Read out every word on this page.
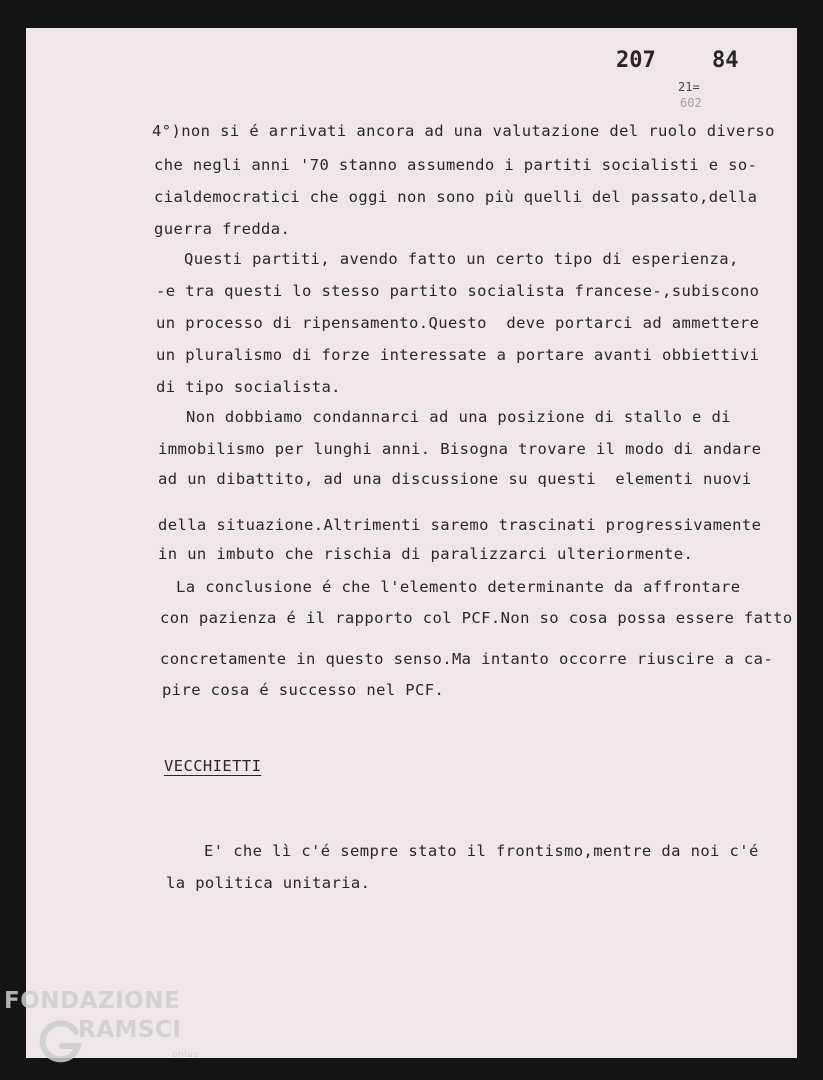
207	84
21=
602
4°)non si é arrivati ancora ad una valutazione del ruolo diverso
che negli anni '70 stanno assumendo i partiti socialisti e so-
cialdemocratici che oggi non sono più quelli del passato,della
guerra fredda.
Questi partiti, avendo fatto un certo tipo di esperienza,
-e tra questi lo stesso partito socialista francese-,subiscono
un processo di ripensamento.Questo  deve portarci ad ammettere
un pluralismo di forze interessate a portare avanti obbiettivi
di tipo socialista.
Non dobbiamo condannarci ad una posizione di stallo e di
immobilismo per lunghi anni. Bisogna trovare il modo di andare
ad un dibattito, ad una discussione su questi  elementi nuovi
della situazione.Altrimenti saremo trascinati progressivamente
in un imbuto che rischia di paralizzarci ulteriormente.
La conclusione é che l'elemento determinante da affrontare
con pazienza é il rapporto col PCF.Non so cosa possa essere fatto
concretamente in questo senso.Ma intanto occorre riuscire a ca-
pire cosa é successo nel PCF.
VECCHIETTI
E' che lì c'é sempre stato il frontismo,mentre da noi c'é
la politica unitaria.
FONDAZIONE
RAMSCI
onlus
